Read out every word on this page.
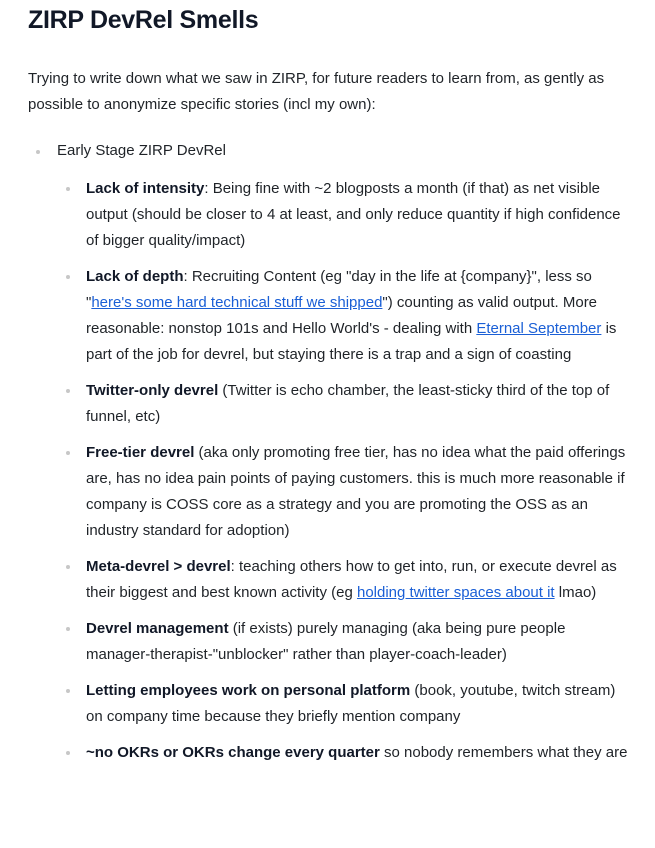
ZIRP DevRel Smells

Trying to write down what we saw in ZIRP, for future readers to learn from, as gently as possible to anonymize specific stories (incl my own):

Early Stage ZIRP DevRel
Lack of intensity: Being fine with ~2 blogposts a month (if that) as net visible output (should be closer to 4 at least, and only reduce quantity if high confidence of bigger quality/impact)
Lack of depth: Recruiting Content (eg "day in the life at {company}", less so "here's some hard technical stuff we shipped") counting as valid output. More reasonable: nonstop 101s and Hello World's - dealing with Eternal September is part of the job for devrel, but staying there is a trap and a sign of coasting
Twitter-only devrel (Twitter is echo chamber, the least-sticky third of the top of funnel, etc)
Free-tier devrel (aka only promoting free tier, has no idea what the paid offerings are, has no idea pain points of paying customers. this is much more reasonable if company is COSS core as a strategy and you are promoting the OSS as an industry standard for adoption)
Meta-devrel > devrel: teaching others how to get into, run, or execute devrel as their biggest and best known activity (eg holding twitter spaces about it lmao)
Devrel management (if exists) purely managing (aka being pure people manager-therapist-"unblocker" rather than player-coach-leader)
Letting employees work on personal platform (book, youtube, twitch stream) on company time because they briefly mention company
~no OKRs or OKRs change every quarter so nobody remembers what they are
